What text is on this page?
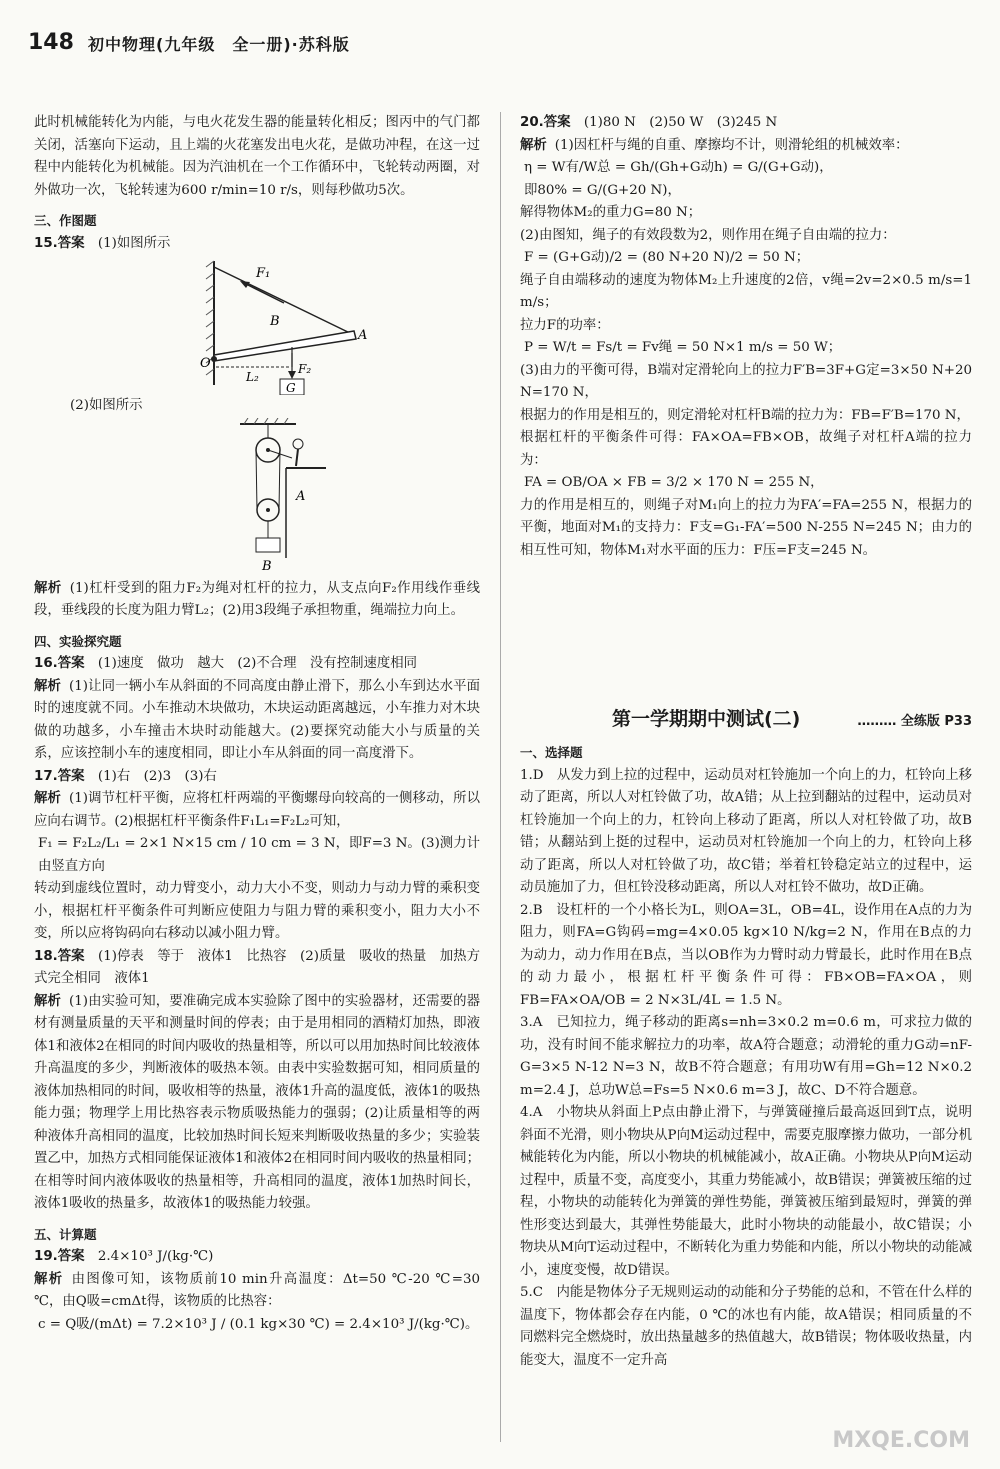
148 初中物理(九年级　全一册)·苏科版

此时机械能转化为内能，与电火花发生器的能量转化相反；图丙中的气门都关闭，活塞向下运动，且上端的火花塞发出电火花，是做功冲程，在这一过程中内能转化为机械能。因为汽油机在一个工作循环中，飞轮转动两圈，对外做功一次，飞轮转速为600 r/min=10 r/s，则每秒做功5次。

三、作图题

15.答案　 (1)如图所示

F₁
A
B
O
L₂
F₂
G

(2)如图所示

A
B

解析 (1)杠杆受到的阻力F₂为绳对杠杆的拉力，从支点向F₂作用线作垂线段，垂线段的长度为阻力臂L₂；(2)用3段绳子承担物重，绳端拉力向上。

四、实验探究题

16.答案　 (1)速度　做功　越大　(2)不合理　没有控制速度相同

解析 (1)让同一辆小车从斜面的不同高度由静止滑下，那么小车到达水平面时的速度就不同。小车推动木块做功，木块运动距离越远，小车推力对木块做的功越多，小车撞击木块时动能越大。(2)要探究动能大小与质量的关系，应该控制小车的速度相同，即让小车从斜面的同一高度滑下。

17.答案　 (1)右　(2)3　(3)右

解析 (1)调节杠杆平衡，应将杠杆两端的平衡螺母向较高的一侧移动，所以应向右调节。(2)根据杠杆平衡条件F₁L₁=F₂L₂可知，

F₁ = F₂L₂/L₁ = 2×1 N×15 cm / 10 cm = 3 N，即F=3 N。(3)测力计由竖直方向

转动到虚线位置时，动力臂变小，动力大小不变，则动力与动力臂的乘积变小，根据杠杆平衡条件可判断应使阻力与阻力臂的乘积变小，阻力大小不变，所以应将钩码向右移动以减小阻力臂。

18.答案　 (1)停表　等于　液体1　比热容　(2)质量　吸收的热量　加热方式完全相同　液体1

解析 (1)由实验可知，要准确完成本实验除了图中的实验器材，还需要的器材有测量质量的天平和测量时间的停表；由于是用相同的酒精灯加热，即液体1和液体2在相同的时间内吸收的热量相等，所以可以用加热时间比较液体升高温度的多少，判断液体的吸热本领。由表中实验数据可知，相同质量的液体加热相同的时间，吸收相等的热量，液体1升高的温度低，液体1的吸热能力强；物理学上用比热容表示物质吸热能力的强弱；(2)让质量相等的两种液体升高相同的温度，比较加热时间长短来判断吸收热量的多少；实验装置乙中，加热方式相同能保证液体1和液体2在相同时间内吸收的热量相同；在相等时间内液体吸收的热量相等，升高相同的温度，液体1加热时间长，液体1吸收的热量多，故液体1的吸热能力较强。

五、计算题

19.答案　 2.4×10³ J/(kg·℃)

解析 由图像可知，该物质前10 min升高温度：Δt=50 ℃-20 ℃=30 ℃，由Q吸=cmΔt得，该物质的比热容：

c = Q吸/(mΔt) = 7.2×10³ J / (0.1 kg×30 ℃) = 2.4×10³ J/(kg·℃)。

20.答案　 (1)80 N　(2)50 W　(3)245 N

解析 (1)因杠杆与绳的自重、摩擦均不计，则滑轮组的机械效率：

η = W有/W总 = Gh/(Gh+G动h) = G/(G+G动)，

即80% = G/(G+20 N)，

解得物体M₂的重力G=80 N；

(2)由图知，绳子的有效段数为2，则作用在绳子自由端的拉力：

F = (G+G动)/2 = (80 N+20 N)/2 = 50 N；

绳子自由端移动的速度为物体M₂上升速度的2倍，v绳=2v=2×0.5 m/s=1 m/s；

拉力F的功率：

P = W/t = Fs/t = Fv绳 = 50 N×1 m/s = 50 W；

(3)由力的平衡可得，B端对定滑轮向上的拉力F′B=3F+G定=3×50 N+20 N=170 N，

根据力的作用是相互的，则定滑轮对杠杆B端的拉力为：FB=F′B=170 N，

根据杠杆的平衡条件可得：FA×OA=FB×OB，故绳子对杠杆A端的拉力为：

FA = OB/OA × FB = 3/2 × 170 N = 255 N，

力的作用是相互的，则绳子对M₁向上的拉力为FA′=FA=255 N，根据力的平衡，地面对M₁的支持力：F支=G₁-FA′=500 N-255 N=245 N；由力的相互性可知，物体M₁对水平面的压力：F压=F支=245 N。

第一学期期中测试(二)	……… 全练版 P33
一、选择题

1.D　从发力到上拉的过程中，运动员对杠铃施加一个向上的力，杠铃向上移动了距离，所以人对杠铃做了功，故A错；从上拉到翻站的过程中，运动员对杠铃施加一个向上的力，杠铃向上移动了距离，所以人对杠铃做了功，故B错；从翻站到上挺的过程中，运动员对杠铃施加一个向上的力，杠铃向上移动了距离，所以人对杠铃做了功，故C错；举着杠铃稳定站立的过程中，运动员施加了力，但杠铃没移动距离，所以人对杠铃不做功，故D正确。

2.B　设杠杆的一个小格长为L，则OA=3L，OB=4L，设作用在A点的力为阻力，则FA=G钩码=mg=4×0.05 kg×10 N/kg=2 N，作用在B点的力为动力，动力作用在B点，当以OB作为力臂时动力臂最长，此时作用在B点的动力最小，根据杠杆平衡条件可得：FB×OB=FA×OA，则FB=FA×OA/OB = 2 N×3L/4L = 1.5 N。

3.A　已知拉力，绳子移动的距离s=nh=3×0.2 m=0.6 m，可求拉力做的功，没有时间不能求解拉力的功率，故A符合题意；动滑轮的重力G动=nF-G=3×5 N-12 N=3 N，故B不符合题意；有用功W有用=Gh=12 N×0.2 m=2.4 J，总功W总=Fs=5 N×0.6 m=3 J，故C、D不符合题意。

4.A　小物块从斜面上P点由静止滑下，与弹簧碰撞后最高返回到T点，说明斜面不光滑，则小物块从P向M运动过程中，需要克服摩擦力做功，一部分机械能转化为内能，所以小物块的机械能减小，故A正确。小物块从P向M运动过程中，质量不变，高度变小，其重力势能减小，故B错误；弹簧被压缩的过程，小物块的动能转化为弹簧的弹性势能，弹簧被压缩到最短时，弹簧的弹性形变达到最大，其弹性势能最大，此时小物块的动能最小，故C错误；小物块从M向T运动过程中，不断转化为重力势能和内能，所以小物块的动能减小，速度变慢，故D错误。

5.C　内能是物体分子无规则运动的动能和分子势能的总和，不管在什么样的温度下，物体都会存在内能，0 ℃的冰也有内能，故A错误；相同质量的不同燃料完全燃烧时，放出热量越多的热值越大，故B错误；物体吸收热量，内能变大，温度不一定升高

MXQE.COM
